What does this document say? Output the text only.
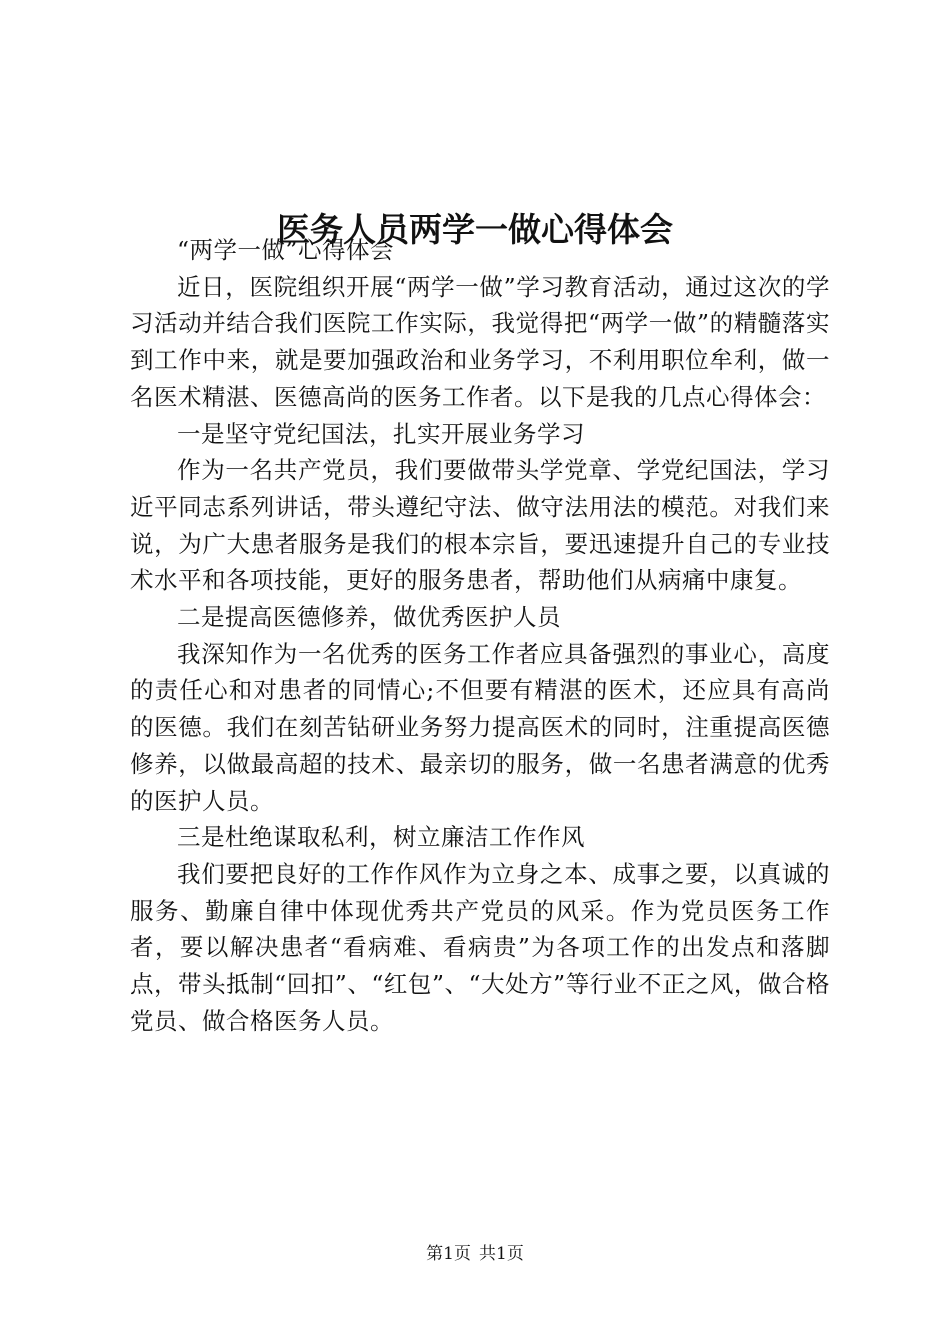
医务人员两学一做心得体会

“两学一做”心得体会

近日，医院组织开展“两学一做”学习教育活动，通过这次的学习活动并结合我们医院工作实际，我觉得把“两学一做”的精髓落实到工作中来，就是要加强政治和业务学习，不利用职位牟利，做一名医术精湛、医德高尚的医务工作者。以下是我的几点心得体会：

一是坚守党纪国法，扎实开展业务学习

作为一名共产党员，我们要做带头学党章、学党纪国法，学习近平同志系列讲话，带头遵纪守法、做守法用法的模范。对我们来说，为广大患者服务是我们的根本宗旨，要迅速提升自己的专业技术水平和各项技能，更好的服务患者，帮助他们从病痛中康复。

二是提高医德修养，做优秀医护人员

我深知作为一名优秀的医务工作者应具备强烈的事业心，高度的责任心和对患者的同情心;不但要有精湛的医术，还应具有高尚的医德。我们在刻苦钻研业务努力提高医术的同时，注重提高医德修养，以做最高超的技术、最亲切的服务，做一名患者满意的优秀的医护人员。

三是杜绝谋取私利，树立廉洁工作作风

我们要把良好的工作作风作为立身之本、成事之要，以真诚的服务、勤廉自律中体现优秀共产党员的风采。作为党员医务工作者，要以解决患者“看病难、看病贵”为各项工作的出发点和落脚点，带头抵制“回扣”、“红包”、“大处方”等行业不正之风，做合格党员、做合格医务人员。

第1页 共1页
